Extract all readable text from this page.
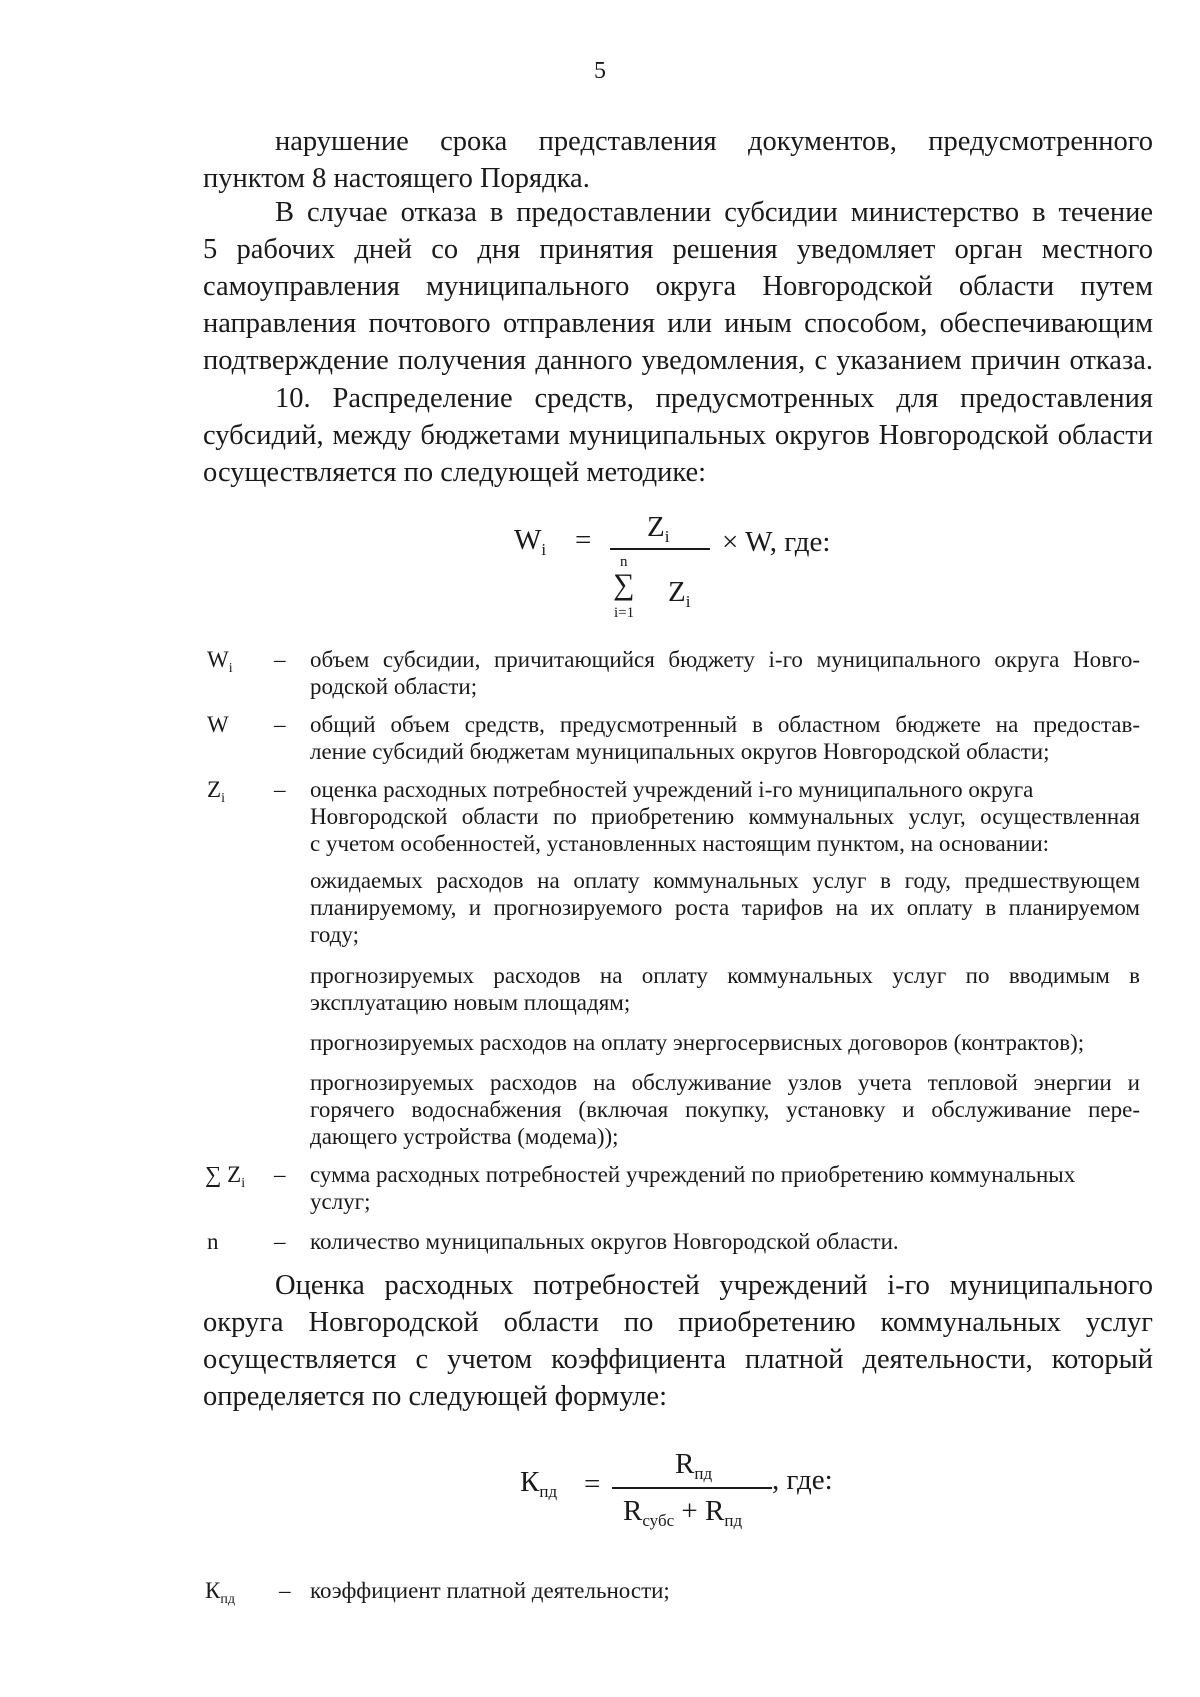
5
нарушение срока представления документов, предусмотренного
пунктом 8 настоящего Порядка.
В случае отказа в предоставлении субсидии министерство в течение
5 рабочих дней со дня принятия решения уведомляет орган местного
самоуправления муниципального округа Новгородской области путем
направления почтового отправления или иным способом, обеспечивающим
подтверждение получения данного уведомления, с указанием причин отказа.
10. Распределение средств, предусмотренных для предоставления
субсидий, между бюджетами муниципальных округов Новгородской области
осуществляется по следующей методике:
$W_i = Z_i$
n
∑
i=1
$Z_i$
× W, где:
$W_i$ – объем субсидии, причитающийся бюджету i-го муниципального округа Новго-
родской области;
W – общий объем средств, предусмотренный в областном бюджете на предостав-
ление субсидий бюджетам муниципальных округов Новгородской области;
$Z_i$ – оценка расходных потребностей учреждений i-го муниципального округа
Новгородской области по приобретению коммунальных услуг, осуществленная
с учетом особенностей, установленных настоящим пунктом, на основании:
ожидаемых расходов на оплату коммунальных услуг в году, предшествующем
планируемому, и прогнозируемого роста тарифов на их оплату в планируемом
году;
прогнозируемых расходов на оплату коммунальных услуг по вводимым в
эксплуатацию новым площадям;
прогнозируемых расходов на оплату энергосервисных договоров (контрактов);
прогнозируемых расходов на обслуживание узлов учета тепловой энергии и
горячего водоснабжения (включая покупку, установку и обслуживание пере-
дающего устройства (модема));
∑ $Z_i$ – сумма расходных потребностей учреждений по приобретению коммунальных
услуг;
n – количество муниципальных округов Новгородской области.
Оценка расходных потребностей учреждений i-го муниципального
округа Новгородской области по приобретению коммунальных услуг
осуществляется с учетом коэффициента платной деятельности, который
определяется по следующей формуле:
$К_{пд}$ =
$R_{пд}$
$R_{субс} + R_{пд}$
, где:
$К_{пд}$ – коэффициент платной деятельности;
